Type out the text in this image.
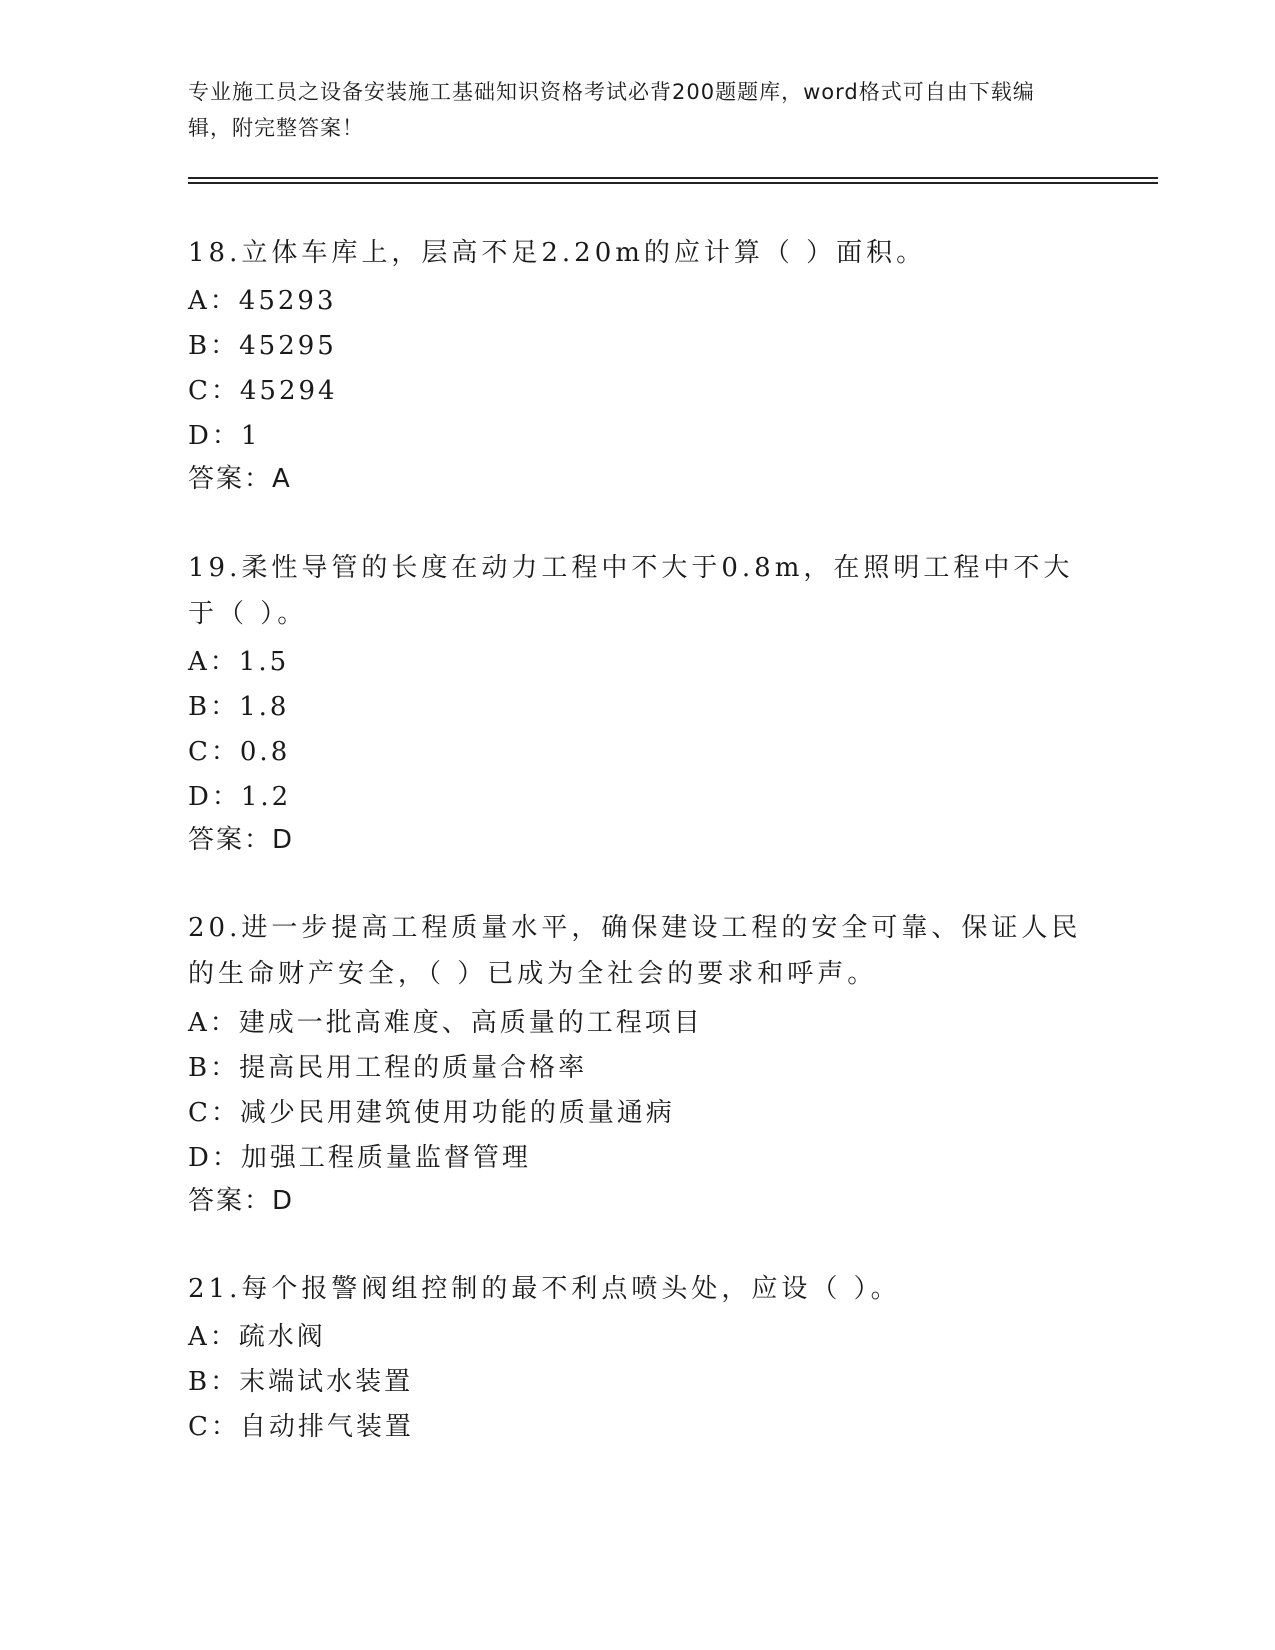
专业施工员之设备安装施工基础知识资格考试必背200题题库，word格式可自由下载编辑，附完整答案！
18.立体车库上，层高不足2.20m的应计算（ ）面积。
A：45293
B：45295
C：45294
D：1
答案：A
19.柔性导管的长度在动力工程中不大于0.8m，在照明工程中不大于（ ）。
A：1.5
B：1.8
C：0.8
D：1.2
答案：D
20.进一步提高工程质量水平，确保建设工程的安全可靠、保证人民的生命财产安全，（ ）已成为全社会的要求和呼声。
A：建成一批高难度、高质量的工程项目
B：提高民用工程的质量合格率
C：减少民用建筑使用功能的质量通病
D：加强工程质量监督管理
答案：D
21.每个报警阀组控制的最不利点喷头处，应设（ ）。
A：疏水阀
B：末端试水装置
C：自动排气装置
